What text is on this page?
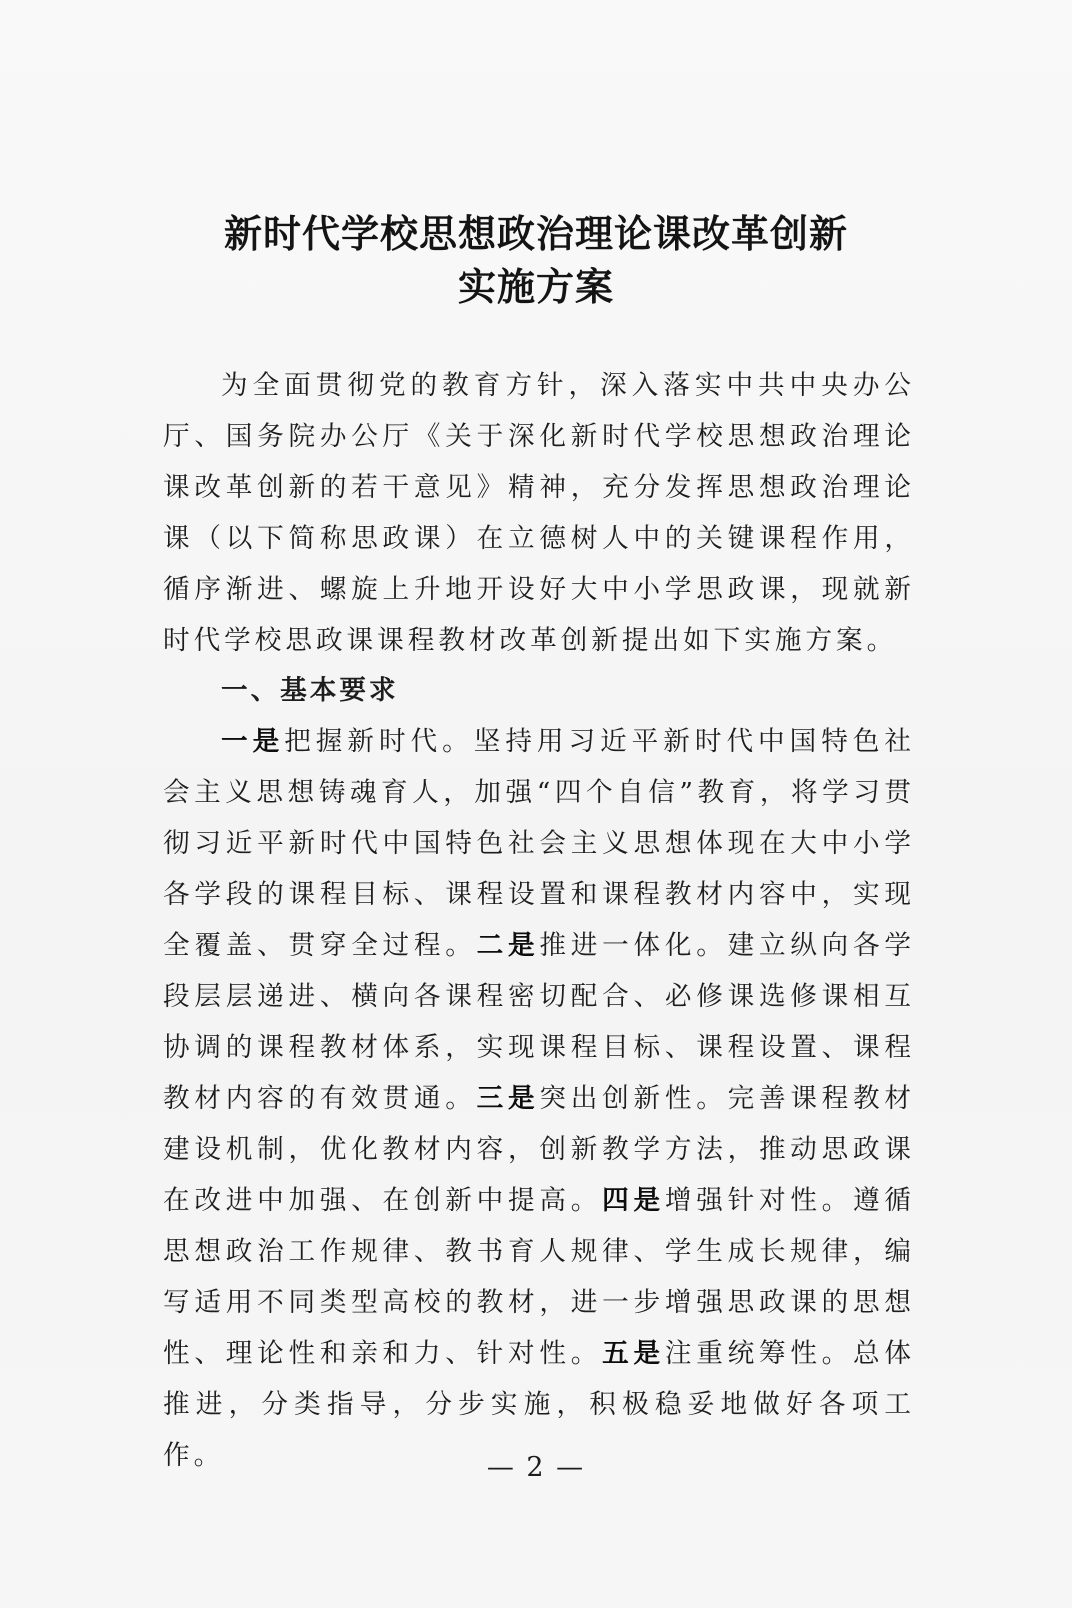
新时代学校思想政治理论课改革创新
实施方案

为全面贯彻党的教育方针，深入落实中共中央办公厅、国务院办公厅《关于深化新时代学校思想政治理论课改革创新的若干意见》精神，充分发挥思想政治理论课（以下简称思政课）在立德树人中的关键课程作用，循序渐进、螺旋上升地开设好大中小学思政课，现就新时代学校思政课课程教材改革创新提出如下实施方案。

一、基本要求

一是把握新时代。坚持用习近平新时代中国特色社会主义思想铸魂育人，加强“四个自信”教育，将学习贯彻习近平新时代中国特色社会主义思想体现在大中小学各学段的课程目标、课程设置和课程教材内容中，实现全覆盖、贯穿全过程。二是推进一体化。建立纵向各学段层层递进、横向各课程密切配合、必修课选修课相互协调的课程教材体系，实现课程目标、课程设置、课程教材内容的有效贯通。三是突出创新性。完善课程教材建设机制，优化教材内容，创新教学方法，推动思政课在改进中加强、在创新中提高。四是增强针对性。遵循思想政治工作规律、教书育人规律、学生成长规律，编写适用不同类型高校的教材，进一步增强思政课的思想性、理论性和亲和力、针对性。五是注重统筹性。总体推进，分类指导，分步实施，积极稳妥地做好各项工作。	— 2 —
